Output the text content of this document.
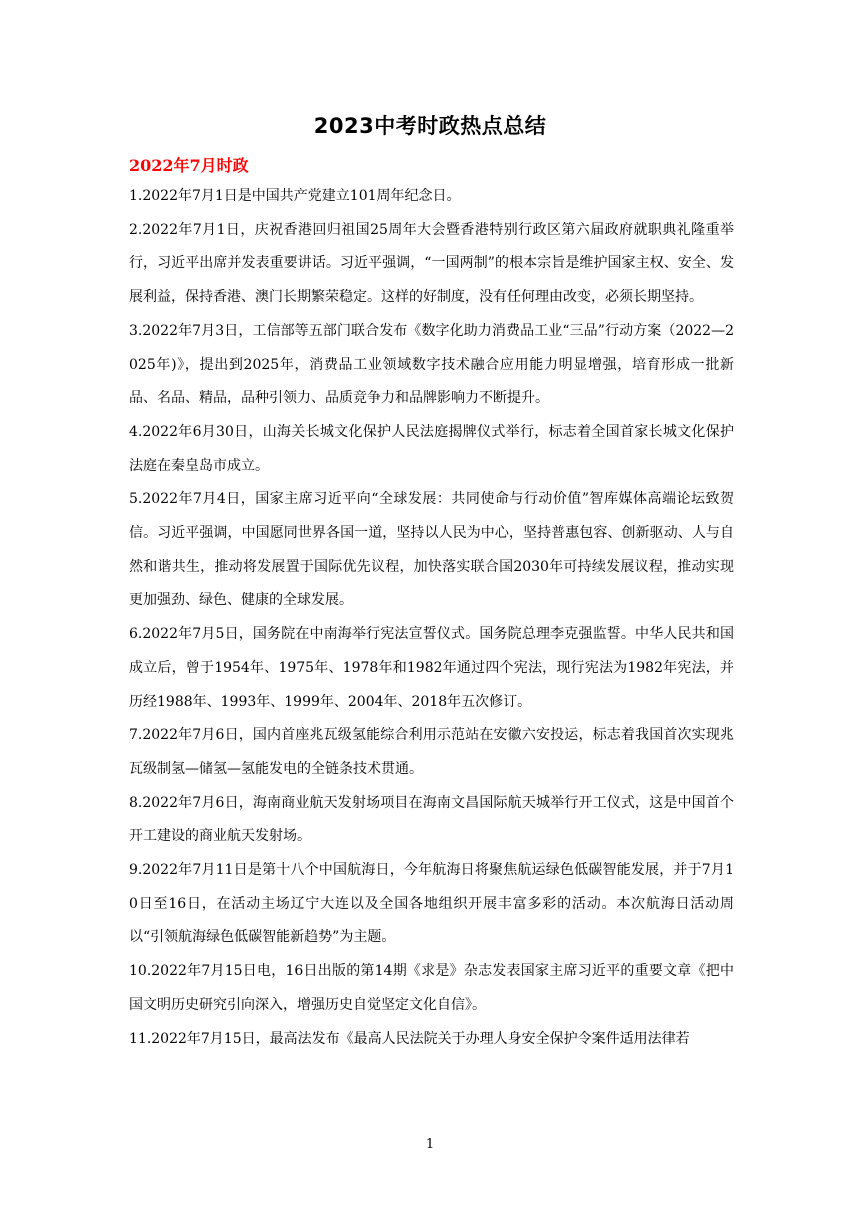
2023中考时政热点总结
2022年7月时政

1.2022年7月1日是中国共产党建立101周年纪念日。

2.2022年7月1日，庆祝香港回归祖国25周年大会暨香港特别行政区第六届政府就职典礼隆重举行，习近平出席并发表重要讲话。习近平强调，“一国两制”的根本宗旨是维护国家主权、安全、发展利益，保持香港、澳门长期繁荣稳定。这样的好制度，没有任何理由改变，必须长期坚持。

3.2022年7月3日，工信部等五部门联合发布《数字化助力消费品工业“三品”行动方案（2022—2025年)》，提出到2025年，消费品工业领域数字技术融合应用能力明显增强，培育形成一批新品、名品、精品，品种引领力、品质竞争力和品牌影响力不断提升。

4.2022年6月30日，山海关长城文化保护人民法庭揭牌仪式举行，标志着全国首家长城文化保护法庭在秦皇岛市成立。

5.2022年7月4日，国家主席习近平向“全球发展：共同使命与行动价值”智库媒体高端论坛致贺信。习近平强调，中国愿同世界各国一道，坚持以人民为中心，坚持普惠包容、创新驱动、人与自然和谐共生，推动将发展置于国际优先议程，加快落实联合国2030年可持续发展议程，推动实现更加强劲、绿色、健康的全球发展。

6.2022年7月5日，国务院在中南海举行宪法宣誓仪式。国务院总理李克强监誓。中华人民共和国成立后，曾于1954年、1975年、1978年和1982年通过四个宪法，现行宪法为1982年宪法，并历经1988年、1993年、1999年、2004年、2018年五次修订。

7.2022年7月6日，国内首座兆瓦级氢能综合利用示范站在安徽六安投运，标志着我国首次实现兆瓦级制氢—储氢—氢能发电的全链条技术贯通。

8.2022年7月6日，海南商业航天发射场项目在海南文昌国际航天城举行开工仪式，这是中国首个开工建设的商业航天发射场。

9.2022年7月11日是第十八个中国航海日，今年航海日将聚焦航运绿色低碳智能发展，并于7月10日至16日，在活动主场辽宁大连以及全国各地组织开展丰富多彩的活动。本次航海日活动周以“引领航海绿色低碳智能新趋势”为主题。

10.2022年7月15日电，16日出版的第14期《求是》杂志发表国家主席习近平的重要文章《把中国文明历史研究引向深入，增强历史自觉坚定文化自信》。

11.2022年7月15日，最高法发布《最高人民法院关于办理人身安全保护令案件适用法律若

1
